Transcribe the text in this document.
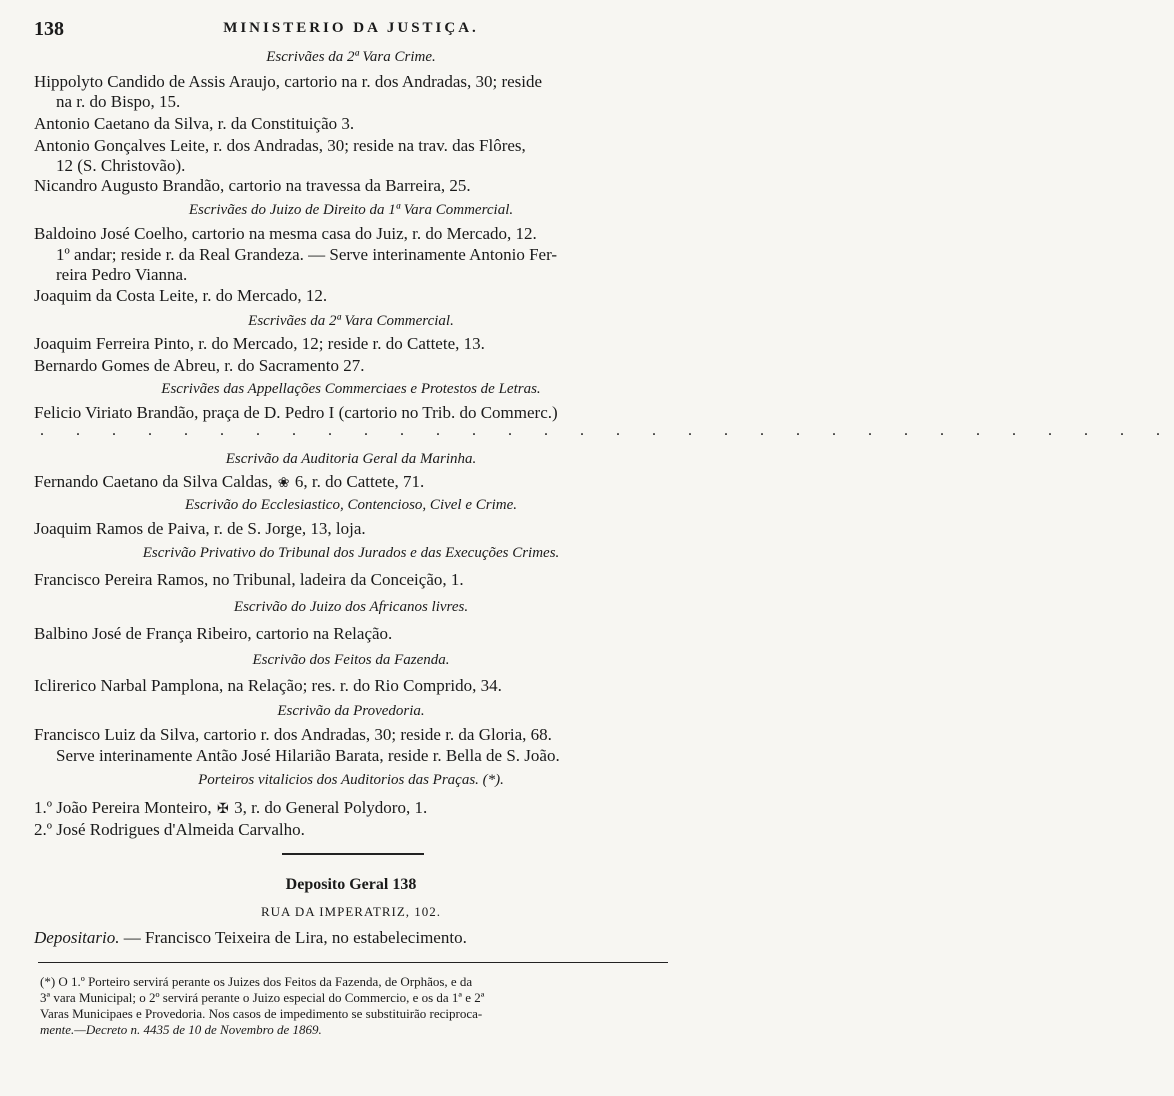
138	MINISTERIO DA JUSTIÇA.
Escrivães da 2ª Vara Crime.
Hippolyto Candido de Assis Araujo, cartorio na r. dos Andradas, 30; reside
na r. do Bispo, 15.
Antonio Caetano da Silva, r. da Constituição 3.
Antonio Gonçalves Leite, r. dos Andradas, 30; reside na trav. das Flôres,
12 (S. Christovão).
Nicandro Augusto Brandão, cartorio na travessa da Barreira, 25.
Escrivães do Juizo de Direito da 1ª Vara Commercial.
Baldoino José Coelho, cartorio na mesma casa do Juiz, r. do Mercado, 12.
1º andar; reside r. da Real Grandeza. — Serve interinamente Antonio Fer-
reira Pedro Vianna.
Joaquim da Costa Leite, r. do Mercado, 12.
Escrivães da 2ª Vara Commercial.
Joaquim Ferreira Pinto, r. do Mercado, 12; reside r. do Cattete, 13.
Bernardo Gomes de Abreu, r. do Sacramento 27.
Escrivães das Appellações Commerciaes e Protestos de Letras.
Felicio Viriato Brandão, praça de D. Pedro I (cartorio no Trib. do Commerc.)
. . . . . . . . . . . . . . . . . . . . . . . . . . . . . . . .
Escrivão da Auditoria Geral da Marinha.
Fernando Caetano da Silva Caldas, ❀ 6, r. do Cattete, 71.
Escrivão do Ecclesiastico, Contencioso, Civel e Crime.
Joaquim Ramos de Paiva, r. de S. Jorge, 13, loja.
Escrivão Privativo do Tribunal dos Jurados e das Execuções Crimes.
Francisco Pereira Ramos, no Tribunal, ladeira da Conceição, 1.
Escrivão do Juizo dos Africanos livres.
Balbino José de França Ribeiro, cartorio na Relação.
Escrivão dos Feitos da Fazenda.
Iclirerico Narbal Pamplona, na Relação; res. r. do Rio Comprido, 34.
Escrivão da Provedoria.
Francisco Luiz da Silva, cartorio r. dos Andradas, 30; reside r. da Gloria, 68.
Serve interinamente Antão José Hilarião Barata, reside r. Bella de S. João.
Porteiros vitalicios dos Auditorios das Praças. (*).
1.º João Pereira Monteiro, ✠ 3, r. do General Polydoro, 1.
2.º José Rodrigues d'Almeida Carvalho.
Deposito Geral 138
RUA DA IMPERATRIZ, 102.
Depositario. — Francisco Teixeira de Lira, no estabelecimento.
(*) O 1.º Porteiro servirá perante os Juizes dos Feitos da Fazenda, de Orphãos, e da
3ª vara Municipal; o 2º servirá perante o Juizo especial do Commercio, e os da 1ª e 2ª
Varas Municipaes e Provedoria. Nos casos de impedimento se substituirão reciproca-
mente.—Decreto n. 4435 de 10 de Novembro de 1869.
